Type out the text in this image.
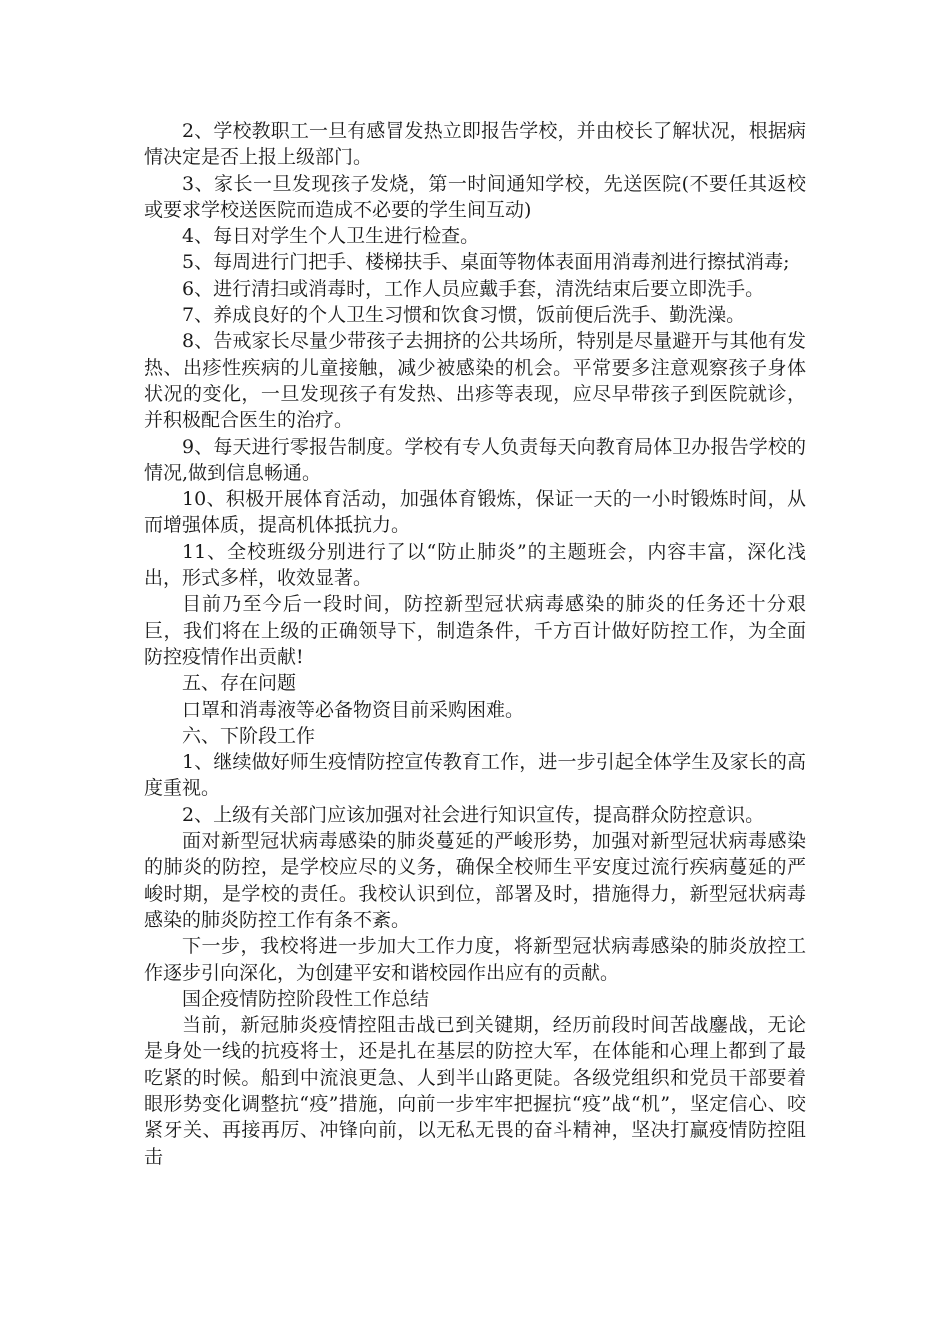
2、学校教职工一旦有感冒发热立即报告学校，并由校长了解状况，根据病情决定是否上报上级部门。

3、家长一旦发现孩子发烧，第一时间通知学校，先送医院(不要任其返校或要求学校送医院而造成不必要的学生间互动)

4、每日对学生个人卫生进行检查。

5、每周进行门把手、楼梯扶手、桌面等物体表面用消毒剂进行擦拭消毒;

6、进行清扫或消毒时，工作人员应戴手套，清洗结束后要立即洗手。

7、养成良好的个人卫生习惯和饮食习惯，饭前便后洗手、勤洗澡。

8、告戒家长尽量少带孩子去拥挤的公共场所，特别是尽量避开与其他有发热、出疹性疾病的儿童接触，减少被感染的机会。平常要多注意观察孩子身体状况的变化，一旦发现孩子有发热、出疹等表现，应尽早带孩子到医院就诊，并积极配合医生的治疗。

9、每天进行零报告制度。学校有专人负责每天向教育局体卫办报告学校的情况,做到信息畅通。

10、积极开展体育活动，加强体育锻炼，保证一天的一小时锻炼时间，从而增强体质，提高机体抵抗力。

11、全校班级分别进行了以“防止肺炎”的主题班会，内容丰富，深化浅出，形式多样，收效显著。

目前乃至今后一段时间，防控新型冠状病毒感染的肺炎的任务还十分艰巨，我们将在上级的正确领导下，制造条件，千方百计做好防控工作，为全面防控疫情作出贡献!

五、存在问题

口罩和消毒液等必备物资目前采购困难。

六、下阶段工作

1、继续做好师生疫情防控宣传教育工作，进一步引起全体学生及家长的高度重视。

2、上级有关部门应该加强对社会进行知识宣传，提高群众防控意识。

面对新型冠状病毒感染的肺炎蔓延的严峻形势，加强对新型冠状病毒感染的肺炎的防控，是学校应尽的义务，确保全校师生平安度过流行疾病蔓延的严峻时期，是学校的责任。我校认识到位，部署及时，措施得力，新型冠状病毒感染的肺炎防控工作有条不紊。

下一步，我校将进一步加大工作力度，将新型冠状病毒感染的肺炎放控工作逐步引向深化，为创建平安和谐校园作出应有的贡献。

国企疫情防控阶段性工作总结

当前，新冠肺炎疫情控阻击战已到关键期，经历前段时间苦战鏖战，无论是身处一线的抗疫将士，还是扎在基层的防控大军，在体能和心理上都到了最吃紧的时候。船到中流浪更急、人到半山路更陡。各级党组织和党员干部要着眼形势变化调整抗“疫”措施，向前一步牢牢把握抗“疫”战“机”，坚定信心、咬紧牙关、再接再厉、冲锋向前，以无私无畏的奋斗精神，坚决打赢疫情防控阻击
